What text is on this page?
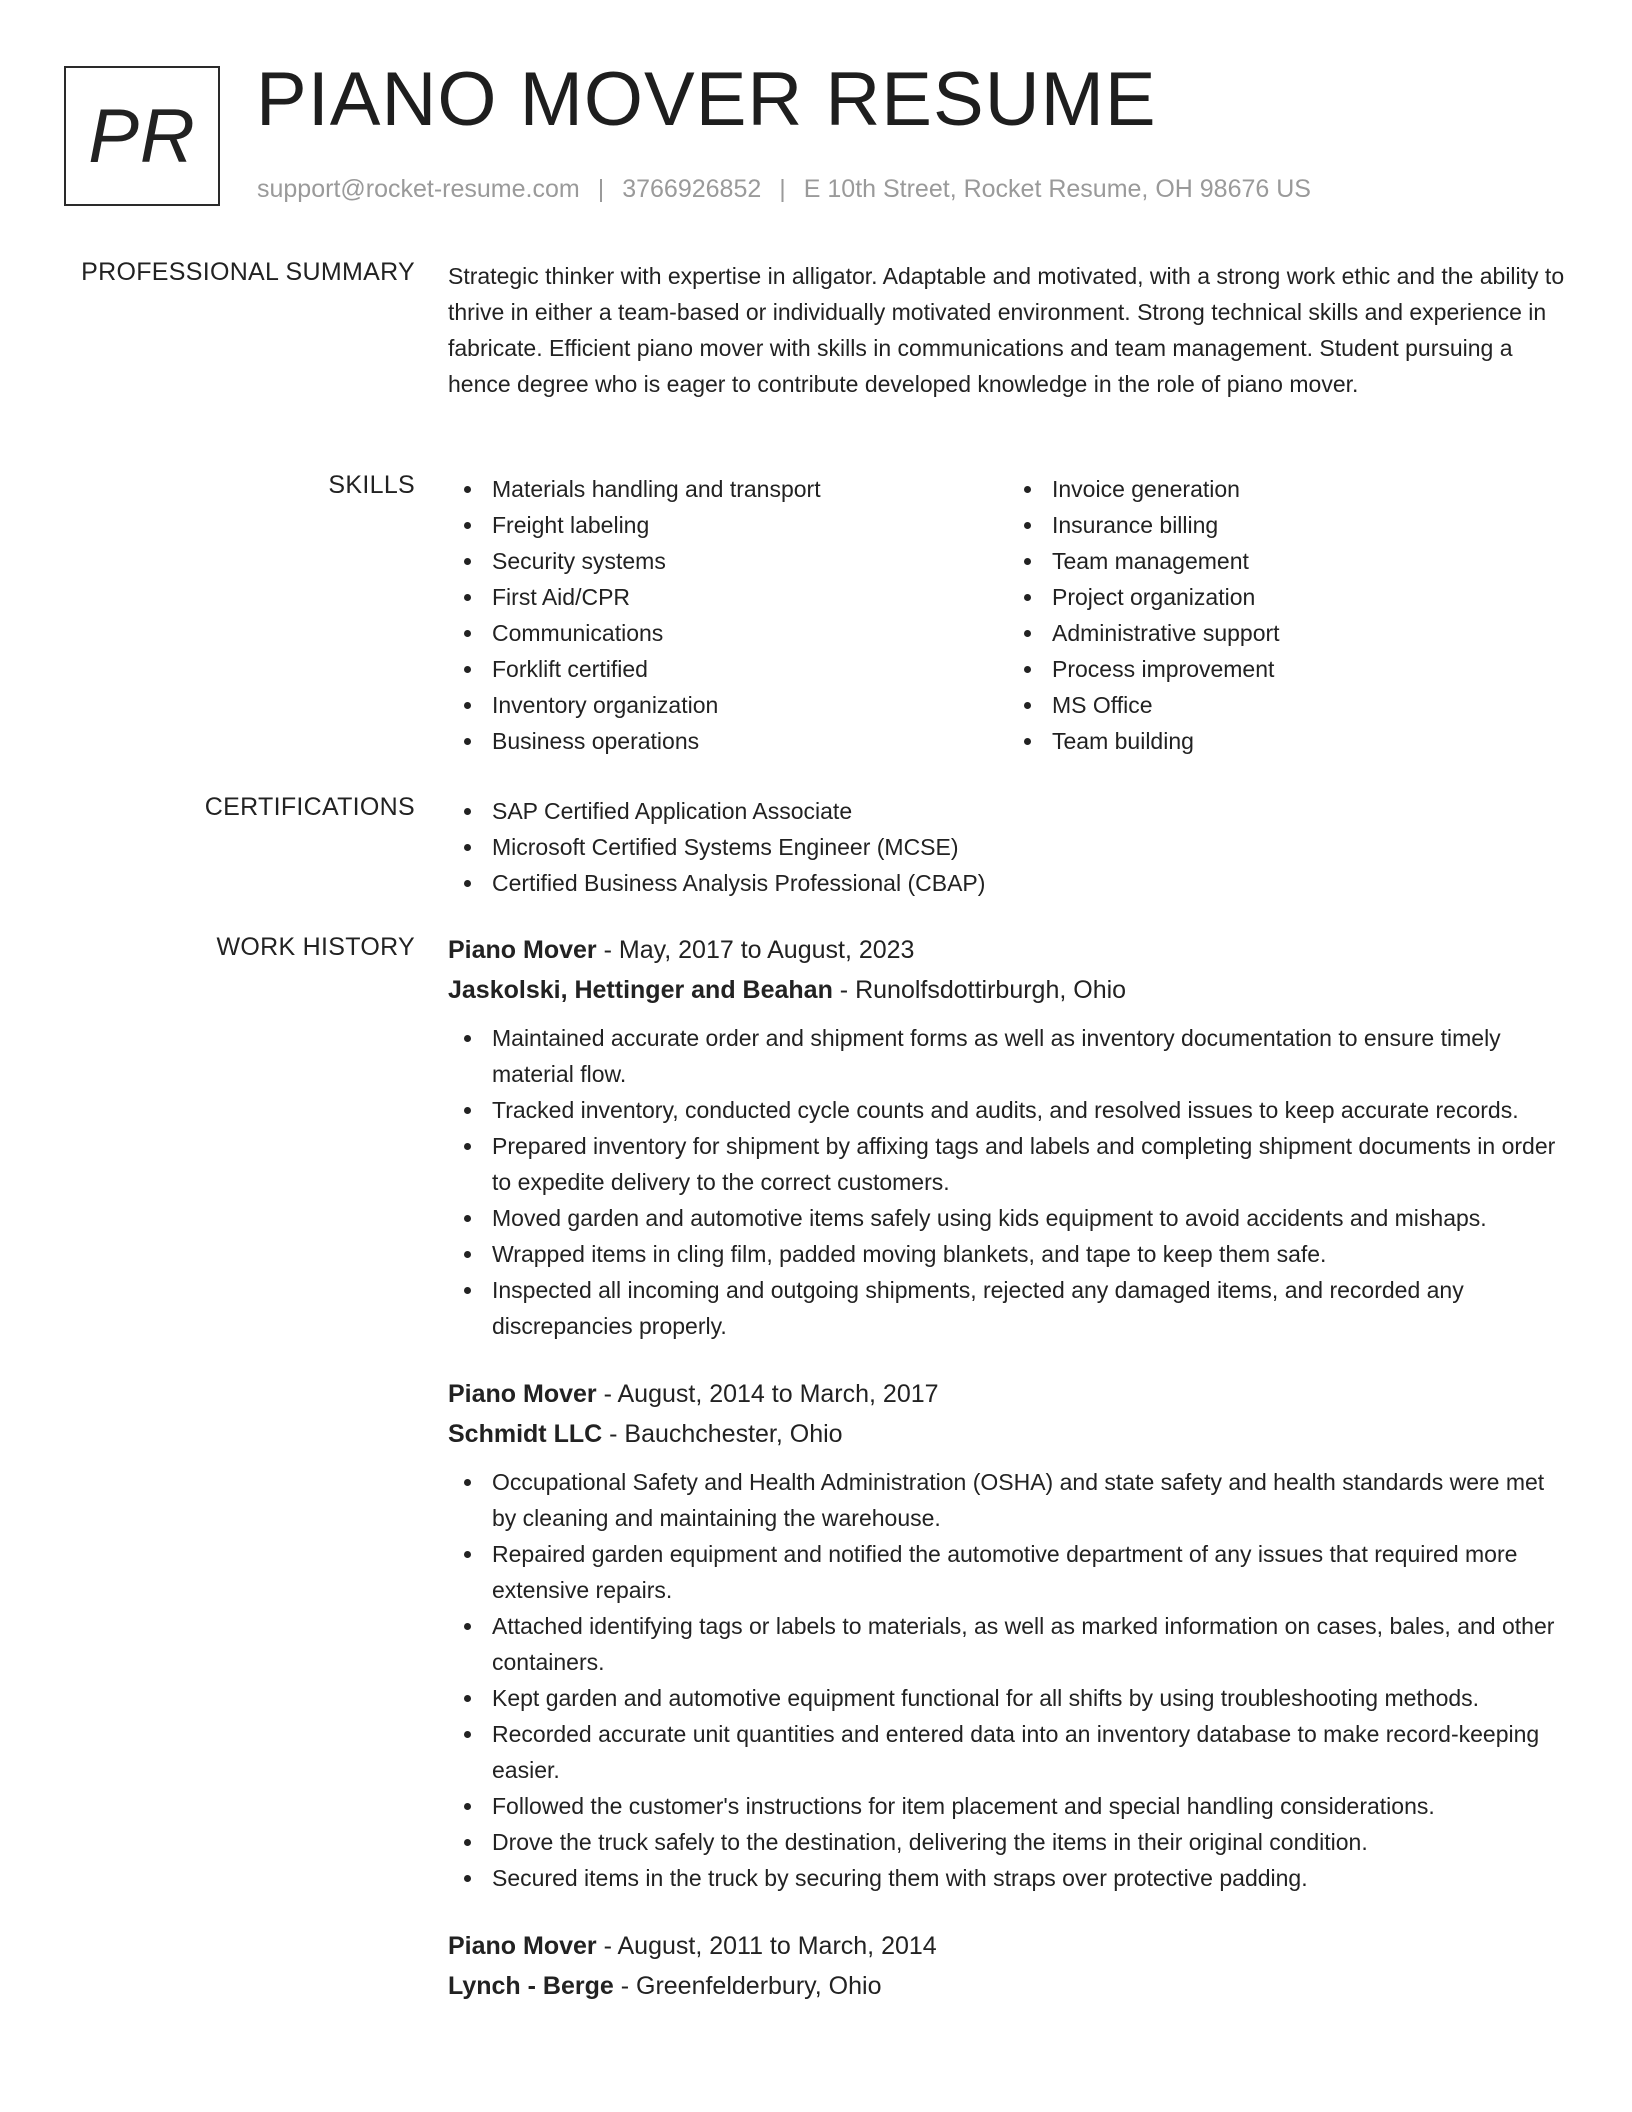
PR PIANO MOVER RESUME
support@rocket-resume.com | 3766926852 | E 10th Street, Rocket Resume, OH 98676 US
PROFESSIONAL SUMMARY Strategic thinker with expertise in alligator. Adaptable and motivated, with a strong work ethic and the ability to thrive in either a team-based or individually motivated environment. Strong technical skills and experience in fabricate. Efficient piano mover with skills in communications and team management. Student pursuing a hence degree who is eager to contribute developed knowledge in the role of piano mover.
SKILLS	Materials handling and transport
Freight labeling
Security systems
First Aid/CPR
Communications
Forklift certified
Inventory organization
Business operations
Invoice generation
Insurance billing
Team management
Project organization
Administrative support
Process improvement
MS Office
Team building
CERTIFICATIONS	SAP Certified Application Associate
Microsoft Certified Systems Engineer (MCSE)
Certified Business Analysis Professional (CBAP)
WORK HISTORY Piano Mover - May, 2017 to August, 2023
Jaskolski, Hettinger and Beahan - Runolfsdottirburgh, Ohio
Maintained accurate order and shipment forms as well as inventory documentation to ensure timely material flow.
Tracked inventory, conducted cycle counts and audits, and resolved issues to keep accurate records.
Prepared inventory for shipment by affixing tags and labels and completing shipment documents in order to expedite delivery to the correct customers.
Moved garden and automotive items safely using kids equipment to avoid accidents and mishaps.
Wrapped items in cling film, padded moving blankets, and tape to keep them safe.
Inspected all incoming and outgoing shipments, rejected any damaged items, and recorded any discrepancies properly.
Piano Mover - August, 2014 to March, 2017
Schmidt LLC - Bauchchester, Ohio
Occupational Safety and Health Administration (OSHA) and state safety and health standards were met by cleaning and maintaining the warehouse.
Repaired garden equipment and notified the automotive department of any issues that required more extensive repairs.
Attached identifying tags or labels to materials, as well as marked information on cases, bales, and other containers.
Kept garden and automotive equipment functional for all shifts by using troubleshooting methods.
Recorded accurate unit quantities and entered data into an inventory database to make record-keeping easier.
Followed the customer's instructions for item placement and special handling considerations.
Drove the truck safely to the destination, delivering the items in their original condition.
Secured items in the truck by securing them with straps over protective padding.
Piano Mover - August, 2011 to March, 2014
Lynch - Berge - Greenfelderbury, Ohio
